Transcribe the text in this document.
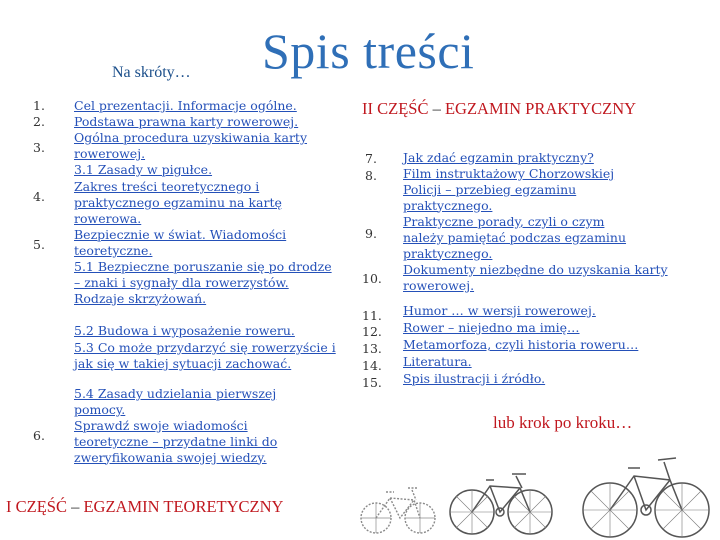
Spis treści
Na skróty…
1.
2.
3.
4.
5.
6.
Cel prezentacji. Informacje ogólne.
Podstawa prawna karty rowerowej.
Ogólna procedura uzyskiwania karty rowerowej.
3.1 Zasady w pigułce.
Zakres treści teoretycznego i praktycznego egzaminu na kartę rowerowa.
Bezpiecznie w świat. Wiadomości teoretyczne.
5.1 Bezpieczne poruszanie się po drodze – znaki i sygnały dla rowerzystów. Rodzaje skrzyżowań.
5.2 Budowa i wyposażenie roweru.
5.3 Co może przydarzyć się rowerzyście i jak się w takiej sytuacji zachować.
5.4 Zasady udzielania pierwszej pomocy.
Sprawdź swoje wiadomości teoretyczne – przydatne linki do zweryfikowania swojej wiedzy.
I CZĘŚĆ – EGZAMIN TEORETYCZNY
II CZĘŚĆ – EGZAMIN PRAKTYCZNY
7.
8.
9.
10.
11.
12.
13.
14.
15.
Jak zdać egzamin praktyczny?
Film instruktażowy Chorzowskiej Policji – przebieg egzaminu praktycznego.
Praktyczne porady, czyli o czym należy pamiętać podczas egzaminu praktycznego.
Dokumenty niezbędne do uzyskania karty rowerowej.
Humor … w wersji rowerowej.
Rower – niejedno ma imię…
Metamorfoza, czyli historia roweru…
Literatura.
Spis ilustracji i źródło.
lub krok po kroku…
